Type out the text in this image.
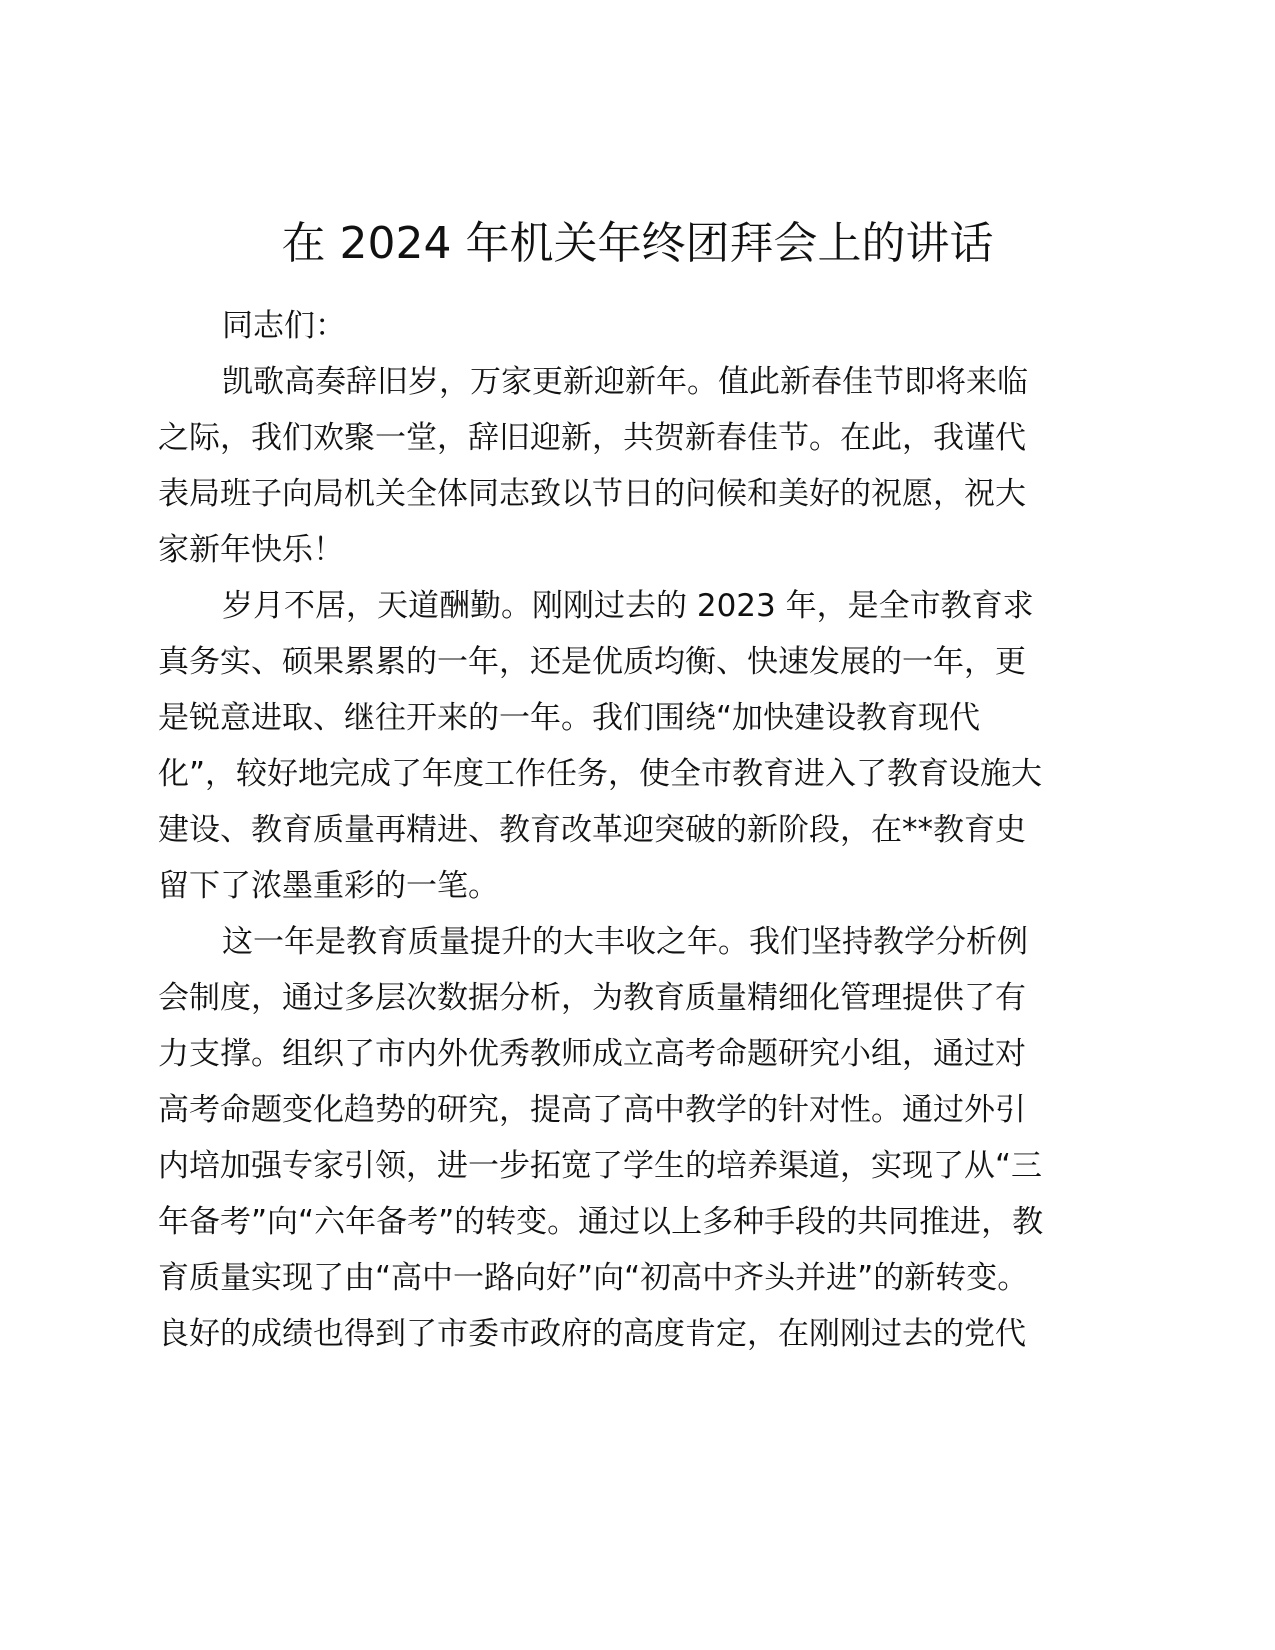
在 2024 年机关年终团拜会上的讲话
同志们：
凯歌高奏辞旧岁，万家更新迎新年。值此新春佳节即将来临
之际，我们欢聚一堂，辞旧迎新，共贺新春佳节。在此，我谨代
表局班子向局机关全体同志致以节日的问候和美好的祝愿，祝大
家新年快乐！
岁月不居，天道酬勤。刚刚过去的 2023 年，是全市教育求
真务实、硕果累累的一年，还是优质均衡、快速发展的一年，更
是锐意进取、继往开来的一年。我们围绕“加快建设教育现代
化”，较好地完成了年度工作任务，使全市教育进入了教育设施大
建设、教育质量再精进、教育改革迎突破的新阶段，在**教育史
留下了浓墨重彩的一笔。
这一年是教育质量提升的大丰收之年。我们坚持教学分析例
会制度，通过多层次数据分析，为教育质量精细化管理提供了有
力支撑。组织了市内外优秀教师成立高考命题研究小组，通过对
高考命题变化趋势的研究，提高了高中教学的针对性。通过外引
内培加强专家引领，进一步拓宽了学生的培养渠道，实现了从“三
年备考”向“六年备考”的转变。通过以上多种手段的共同推进，教
育质量实现了由“高中一路向好”向“初高中齐头并进”的新转变。
良好的成绩也得到了市委市政府的高度肯定，在刚刚过去的党代
